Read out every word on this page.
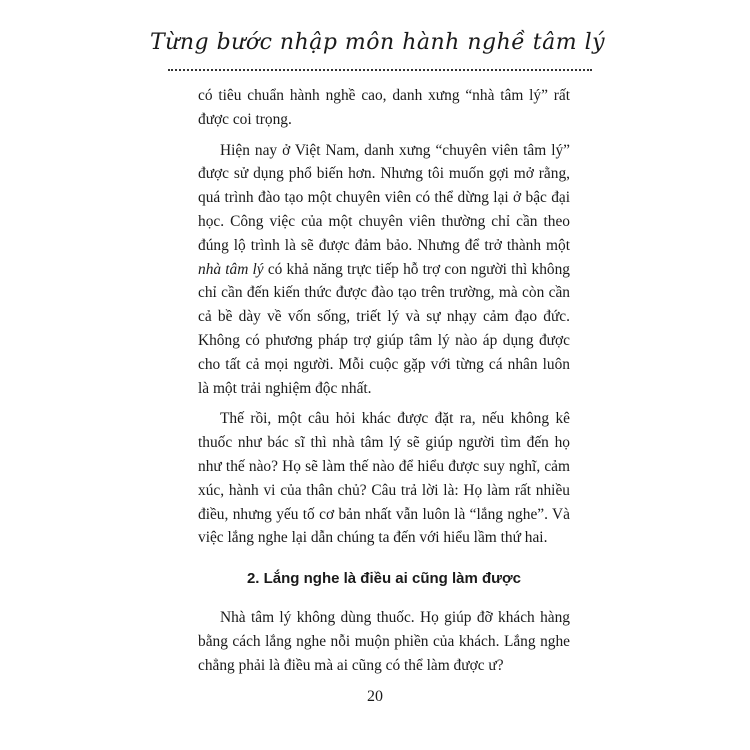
Từng bước nhập môn hành nghề tâm lý

có tiêu chuẩn hành nghề cao, danh xưng “nhà tâm lý” rất được coi trọng.

Hiện nay ở Việt Nam, danh xưng “chuyên viên tâm lý” được sử dụng phổ biến hơn. Nhưng tôi muốn gợi mở rằng, quá trình đào tạo một chuyên viên có thể dừng lại ở bậc đại học. Công việc của một chuyên viên thường chỉ cần theo đúng lộ trình là sẽ được đảm bảo. Nhưng để trở thành một nhà tâm lý có khả năng trực tiếp hỗ trợ con người thì không chỉ cần đến kiến thức được đào tạo trên trường, mà còn cần cả bề dày về vốn sống, triết lý và sự nhạy cảm đạo đức. Không có phương pháp trợ giúp tâm lý nào áp dụng được cho tất cả mọi người. Mỗi cuộc gặp với từng cá nhân luôn là một trải nghiệm độc nhất.

Thế rồi, một câu hỏi khác được đặt ra, nếu không kê thuốc như bác sĩ thì nhà tâm lý sẽ giúp người tìm đến họ như thế nào? Họ sẽ làm thế nào để hiểu được suy nghĩ, cảm xúc, hành vi của thân chủ? Câu trả lời là: Họ làm rất nhiều điều, nhưng yếu tố cơ bản nhất vẫn luôn là “lắng nghe”. Và việc lắng nghe lại dẫn chúng ta đến với hiểu lầm thứ hai.

2. Lắng nghe là điều ai cũng làm được

Nhà tâm lý không dùng thuốc. Họ giúp đỡ khách hàng bằng cách lắng nghe nỗi muộn phiền của khách. Lắng nghe chẳng phải là điều mà ai cũng có thể làm được ư?

20
